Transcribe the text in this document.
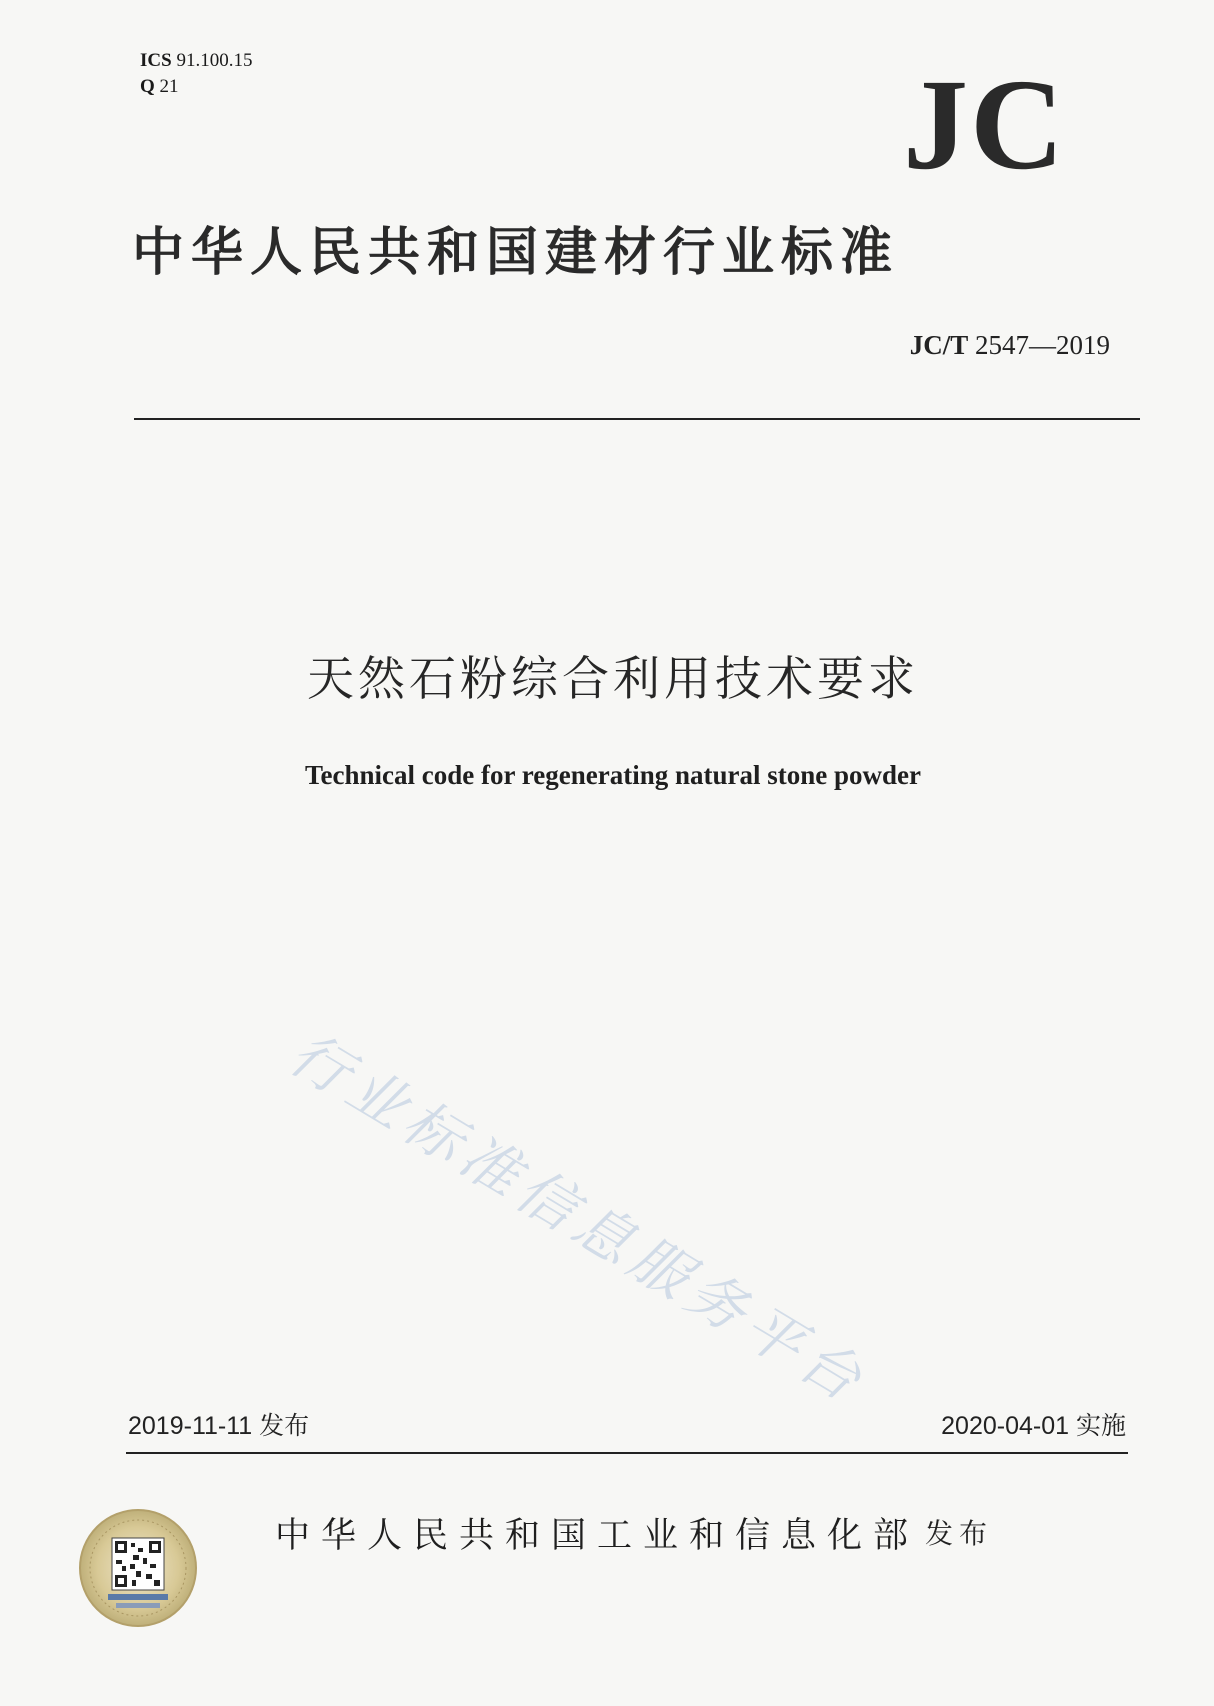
ICS 91.100.15
Q 21	JC
中华人民共和国建材行业标准
JC/T 2547—2019
天然石粉综合利用技术要求
Technical code for regenerating natural stone powder
行业标准信息服务平台
2019-11-11 发布	2020-04-01 实施
中华人民共和国工业和信息化部 发布
